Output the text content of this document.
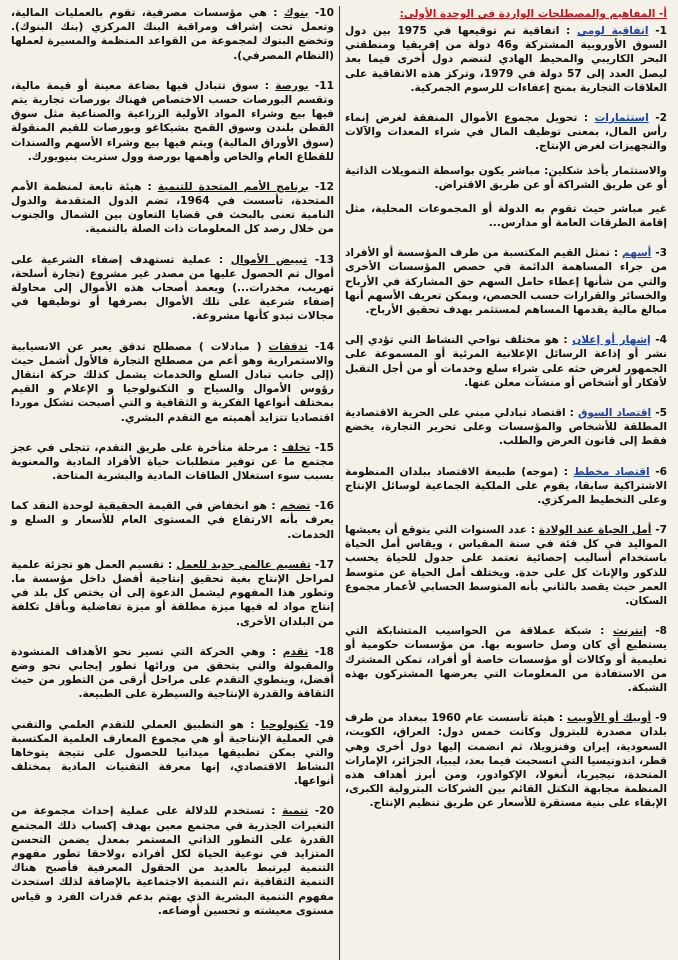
أ- المفاهيم والمصطلحات الواردة في الوحدة الأولى:

1- اتفاقية لومي : اتفاقية تم توقيعها في 1975 بين دول السوق الأوروبية المشتركة و46 دولة من إفريقيا ومنطقتي البحر الكاريبي والمحيط الهادي لتنضم دول أخرى فيما بعد ليصل العدد إلى 57 دولة في 1979، وتركز هذه الاتفاقية على العلاقات التجارية بمنح إعفاءات للرسوم الجمركية.

2- استثمارات : تحويل مجموع الأموال المنفقة لغرض إنماء رأس المال، بمعنى توظيف المال في شراء المعدات والآلات والتجهيزات لغرض الإنتاج.

والاستثمار يأخذ شكلين: مباشر يكون بواسطة التمويلات الذاتية أو عن طريق الشراكة أو عن طريق الاقتراض.

غير مباشر حيث تقوم به الدولة أو المجموعات المحلية، مثل إقامة الطرقات العامة أو مدارس...

3- أسهم : تمثل القيم المكتسبة من طرف المؤسسة أو الأفراد من جراء المساهمة الدائمة في حصص المؤسسات الأخرى والتي من شأنها إعطاء حامل السهم حق المشاركة في الأرباح والخسائر والقرارات حسب الحصص، ويمكن تعريف الأسهم أنها مبالغ مالية يقدمها المساهم لمستثمر بهدف تحقيق الأرباح.

4- إشهار أو إعلان : هو مختلف نواحي النشاط التي تؤدي إلى نشر أو إذاعة الرسائل الإعلانية المرئية أو المسموعة على الجمهور لغرض حثه على شراء سلع وخدمات أو من أجل التقبل لأفكار أو أشخاص أو منشآت معلن عنها.

5- اقتصاد السوق : اقتصاد تبادلي مبني على الحرية الاقتصادية المطلقة للأشخاص والمؤسسات وعلى تحرير التجارة، يخضع فقط إلى قانون العرض والطلب.

6- اقتصاد مخطط : (موجه) طبيعة الاقتصاد ببلدان المنظومة الاشتراكية سابقا، يقوم على الملكية الجماعية لوسائل الإنتاج وعلى التخطيط المركزي.

7- أمل الحياة عند الولادة : عدد السنوات التي يتوقع أن يعيشها المواليد في كل فئة في سنة المقياس ، ويقاس أمل الحياة باستخدام أساليب إحصائية تعتمد على جدول للحياة يحسب للذكور والإناث كل على حدة. ويختلف أمل الحياة عن متوسط العمر حيث يقصد بالثاني بأنه المتوسط الحسابي لأعمار مجموع السكان.

8- إنترنت : شبكة عملاقة من الحواسيب المتشابكة التي يستطيع أي كان وصل حاسوبه بها. من مؤسسات حكومية أو تعليمية أو وكالات أو مؤسسات خاصة أو أفراد، تمكن المشترك من الاستفادة من المعلومات التي يعرضها المشتركون بهذه الشبكة.

9- أوبيك أو الأوبيب : هيئة تأسست عام 1960 ببغداد من طرف بلدان مصدرة للبترول وكانت خمس دول: العراق، الكويت، السعودية، إيران وفنزويلا، ثم انضمت إليها دول أخرى وهي قطر، اندونيسيا التي انسحبت فيما بعد، ليبيا، الجزائر، الإمارات المتحدة، نيجيريا، أنغولا، الإكوادور، ومن أبرز أهداف هذه المنظمة مجابهة التكتل القائم بين الشركات البترولية الكبرى، الإبقاء على بنية مستقرة للأسعار عن طريق تنظيم الإنتاج.

10- بنوك : هي مؤسسات مصرفية، تقوم بالعمليات المالية، وتعمل تحت إشراف ومراقبة البنك المركزي (بنك البنوك). وتخضع البنوك لمجموعة من القواعد المنظمة والمسيرة لعملها (النظام المصرفي).

11- بورصة : سوق تتبادل فيها بضاعة معينة أو قيمة مالية، وتقسم البورصات حسب الاختصاص فهناك بورصات تجارية يتم فيها بيع وشراء المواد الأولية الزراعية والصناعية مثل سوق القطن بلندن وسوق القمح بشيكاغو وبورصات للقيم المنقولة (سوق الأوراق المالية) ويتم فيها بيع وشراء الأسهم والسندات للقطاع العام والخاص وأهمها بورصة وول ستريت بنيويورك.

12- برنامج الأمم المتحدة للتنمية : هيئة تابعة لمنظمة الأمم المتحدة، تأسست في 1964، تضم الدول المتقدمة والدول النامية تعنى بالبحث في قضايا التعاون بين الشمال والجنوب من خلال رصد كل المعلومات ذات الصلة بالتنمية.

13- تبييض الأموال : عملية تستهدف إضفاء الشرعية على أموال تم الحصول عليها من مصدر غير مشروع (تجارة أسلحة، تهريب، مخدرات...) ويعمد أصحاب هذه الأموال إلى محاولة إضفاء شرعية على تلك الأموال بصرفها أو توظيفها في مجالات تبدو كأنها مشروعة.

14- تدفقات ( مبادلات ) مصطلح تدفق يعبر عن الانسيابية والاستمرارية وهو أعم من مصطلح التجارة فالأول أشمل حيث (إلى جانب تبادل السلع والخدمات يشمل كذلك حركة انتقال رؤوس الأموال والسياح و التكنولوجيا و الإعلام و القيم بمختلف أنواعها الفكرية و الثقافية و التي أصبحت تشكل موردا اقتصاديا تتزايد أهميته مع التقدم البشري.

15- تخلف : مرحلة متأخرة على طريق التقدم، تتجلى في عجز مجتمع ما عن توفير متطلبات حياة الأفراد المادية والمعنوية بسبب سوء استغلال الطاقات المادية والبشرية المتاحة.

16- تضخم : هو انخفاض في القيمة الحقيقية لوحدة النقد كما يعرف بأنه الارتفاع في المستوى العام للأسعار و السلع و الخدمات.

17- تقسيم عالمي جديد للعمل : تقسيم العمل هو تجزئة علمية لمراحل الإنتاج بغية تحقيق إنتاجية أفضل داخل مؤسسة ما. وتطور هذا المفهوم ليشمل الدعوة إلى أن يختص كل بلد في إنتاج مواد له فيها ميزة مطلقة أو ميزة تفاضلية وبأقل تكلفة من البلدان الأخرى.

18- تقدم : وهي الحركة التي تسير نحو الأهداف المنشودة والمقبولة والتي يتحقق من ورائها تطور إيجابي نحو وضع أفضل، وينطوي التقدم على مراحل أرقى من التطور من حيث الثقافة والقدرة الإنتاجية والسيطرة على الطبيعة.

19- تكنولوجيا : هو التطبيق العملي للتقدم العلمي والتقني في العملية الإنتاجية أو هي مجموع المعارف العلمية المكتسبة والتي يمكن تطبيقها ميدانيا للحصول على نتيجة يتوخاها النشاط الاقتصادي، إنها معرفة التقنيات المادية بمختلف أنواعها.

20- تنمية : تستخدم للدلالة على عملية إحداث مجموعة من التغيرات الجذرية في مجتمع معين بهدف إكساب ذلك المجتمع القدرة على التطور الذاتي المستمر بمعدل يضمن التحسن المتزايد في نوعية الحياة لكل أفراده ،ولاحقا تطور مفهوم التنمية ليرتبط بالعديد من الحقول المعرفية فأصبح هناك التنمية الثقافية ،ثم التنمية الاجتماعية بالإضافة لذلك استحدث مفهوم التنمية البشرية الذي يهتم بدعم قدرات الفرد و قياس مستوى معيشته و تحسين أوضاعه.
